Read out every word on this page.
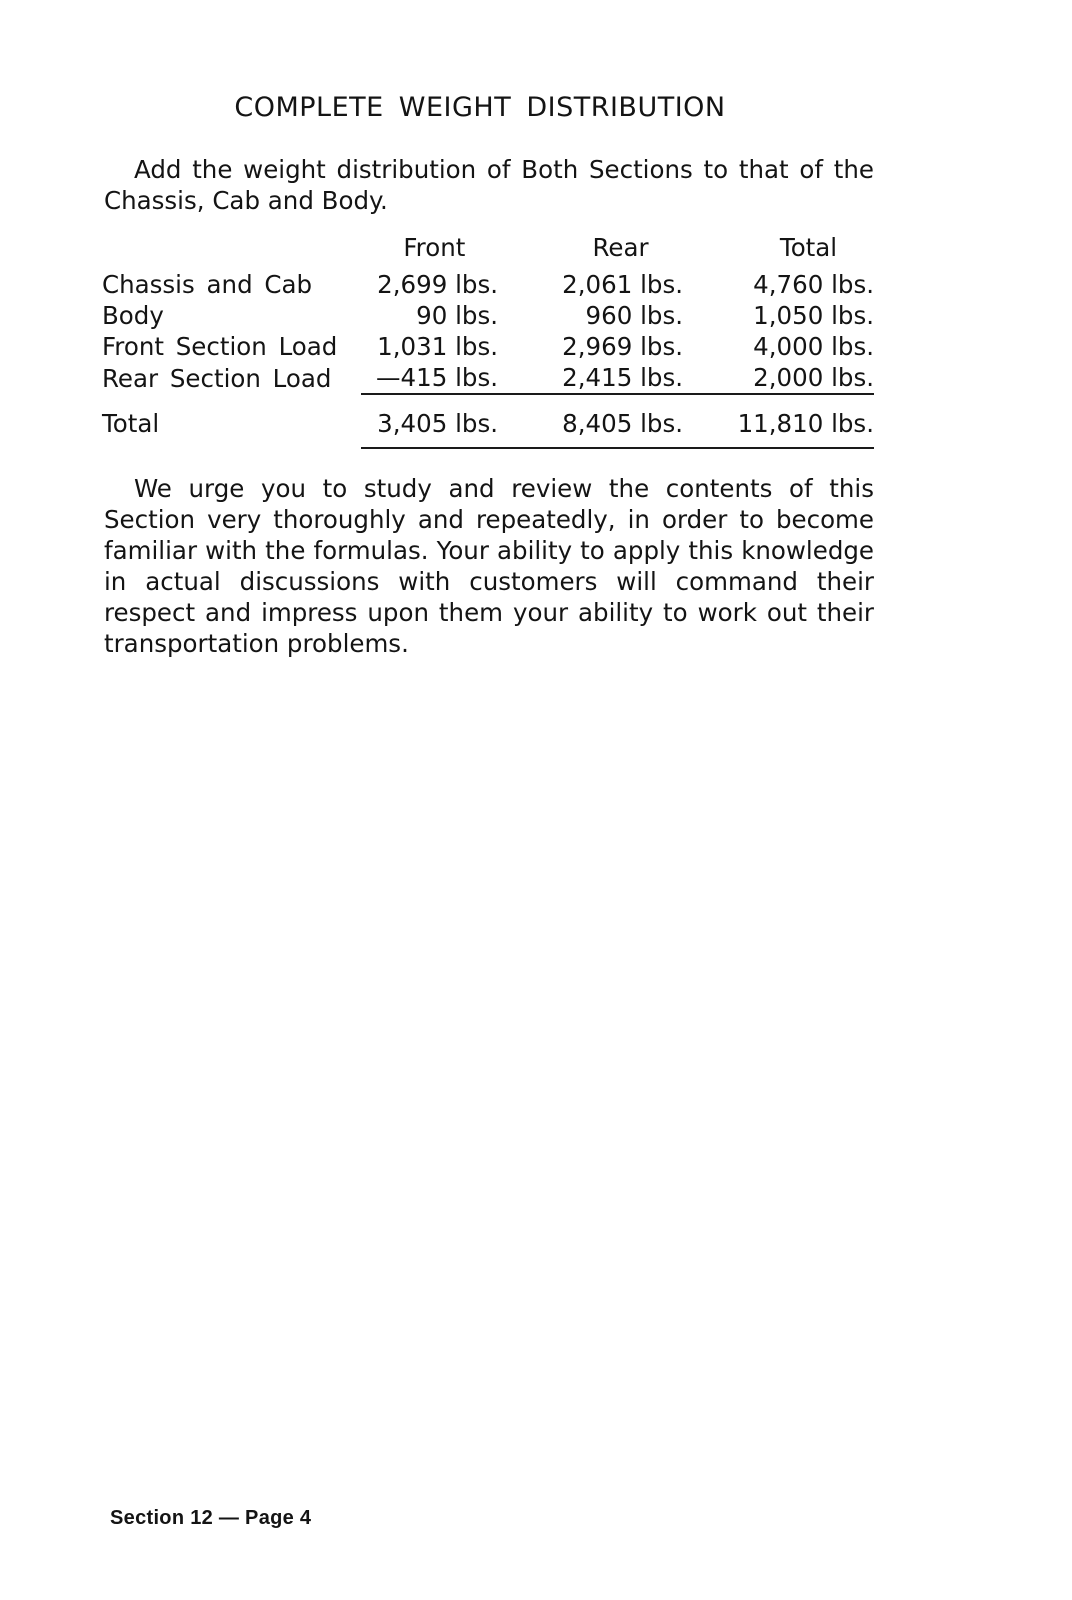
COMPLETE WEIGHT DISTRIBUTION

Add the weight distribution of Both Sections to that of the Chassis, Cab and Body.

	Front	Rear	Total
Chassis and Cab	2,699 lbs.	2,061 lbs.	4,760 lbs.
Body	90 lbs.	960 lbs.	1,050 lbs.
Front Section Load	1,031 lbs.	2,969 lbs.	4,000 lbs.
Rear Section Load	—415 lbs.	2,415 lbs.	2,000 lbs.
Total	3,405 lbs.	8,405 lbs.	11,810 lbs.

We urge you to study and review the contents of this Section very thoroughly and repeatedly, in order to become familiar with the formulas. Your ability to apply this knowledge in actual discussions with customers will command their respect and impress upon them your ability to work out their transportation problems.

Section 12 — Page 4
